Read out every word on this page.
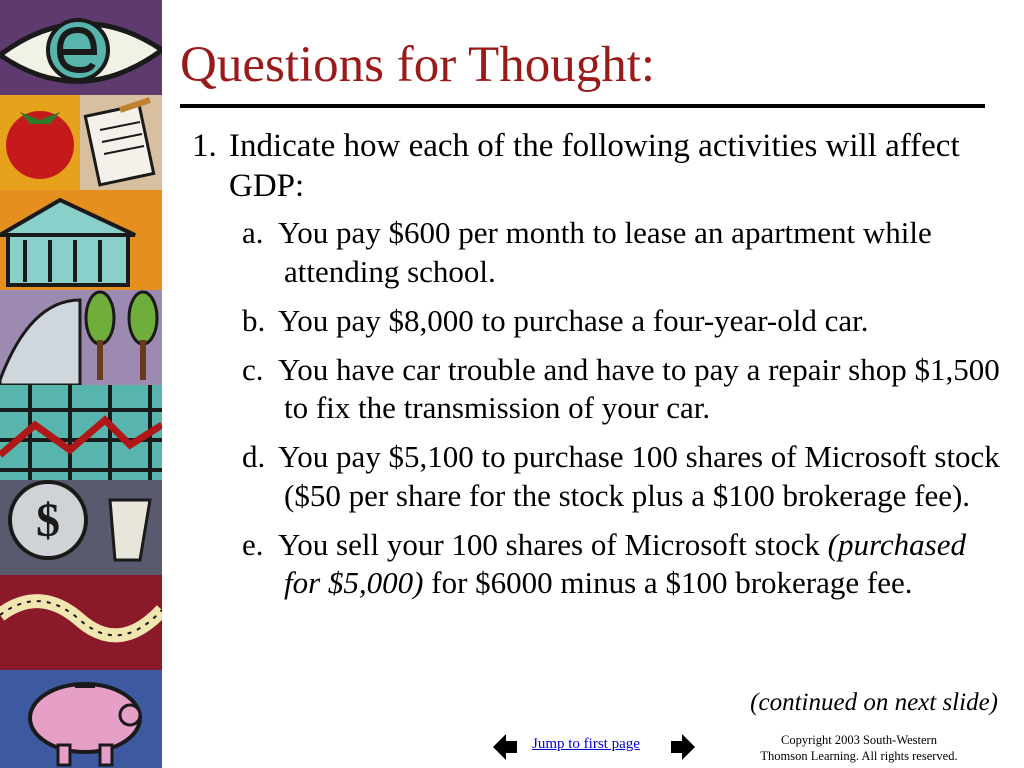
$
Questions for Thought:

1. Indicate how each of the following activities will affect GDP:

a. You pay $600 per month to lease an apartment while attending school.

b. You pay $8,000 to purchase a four-year-old car.

c. You have car trouble and have to pay a repair shop $1,500 to fix the transmission of your car.

d. You pay $5,100 to purchase 100 shares of Microsoft stock ($50 per share for the stock plus a $100 brokerage fee).

e. You sell your 100 shares of Microsoft stock (purchased for $5,000) for $6000 minus a $100 brokerage fee.

(continued on next slide)
Jump to first page	Copyright 2003 South-Western
Thomson Learning. All rights reserved.
